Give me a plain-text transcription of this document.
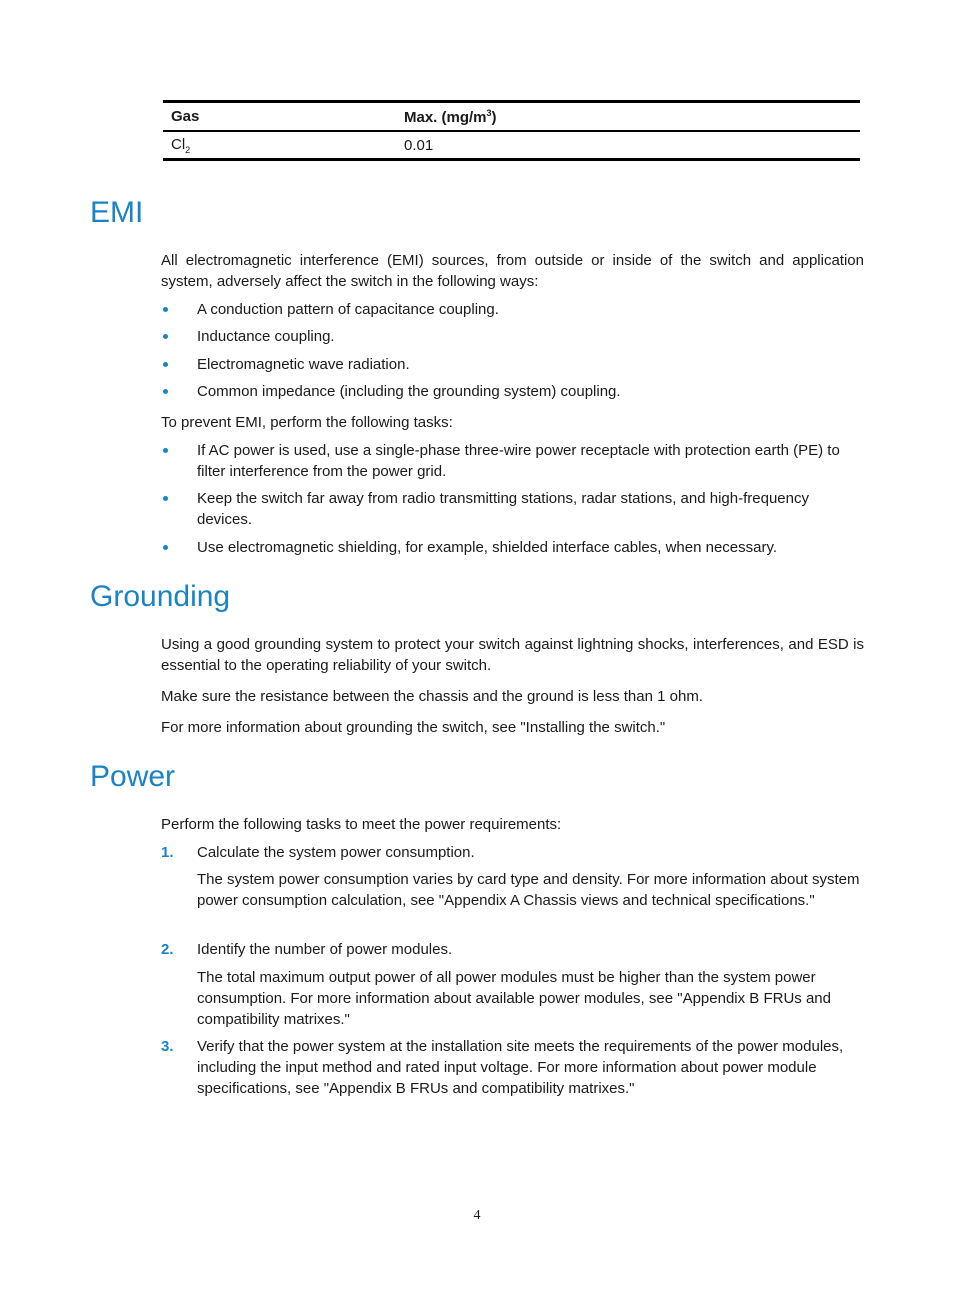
Gas	Max. $(mg/m^3)$
$Cl_2$	0.01
EMI

All electromagnetic interference (EMI) sources, from outside or inside of the switch and application system, adversely affect the switch in the following ways:

A conduction pattern of capacitance coupling.
Inductance coupling.
Electromagnetic wave radiation.
Common impedance (including the grounding system) coupling.

To prevent EMI, perform the following tasks:

If AC power is used, use a single-phase three-wire power receptacle with protection earth (PE) to filter interference from the power grid.
Keep the switch far away from radio transmitting stations, radar stations, and high-frequency devices.
Use electromagnetic shielding, for example, shielded interface cables, when necessary.
Grounding

Using a good grounding system to protect your switch against lightning shocks, interferences, and ESD is essential to the operating reliability of your switch.

Make sure the resistance between the chassis and the ground is less than 1 ohm.

For more information about grounding the switch, see "Installing the switch."

Power

Perform the following tasks to meet the power requirements:

1. Calculate the system power consumption.

The system power consumption varies by card type and density. For more information about system power consumption calculation, see "Appendix A Chassis views and technical specifications."

2. Identify the number of power modules.

The total maximum output power of all power modules must be higher than the system power consumption. For more information about available power modules, see "Appendix B FRUs and compatibility matrixes."

3. Verify that the power system at the installation site meets the requirements of the power modules, including the input method and rated input voltage. For more information about power module specifications, see "Appendix B FRUs and compatibility matrixes."
4
